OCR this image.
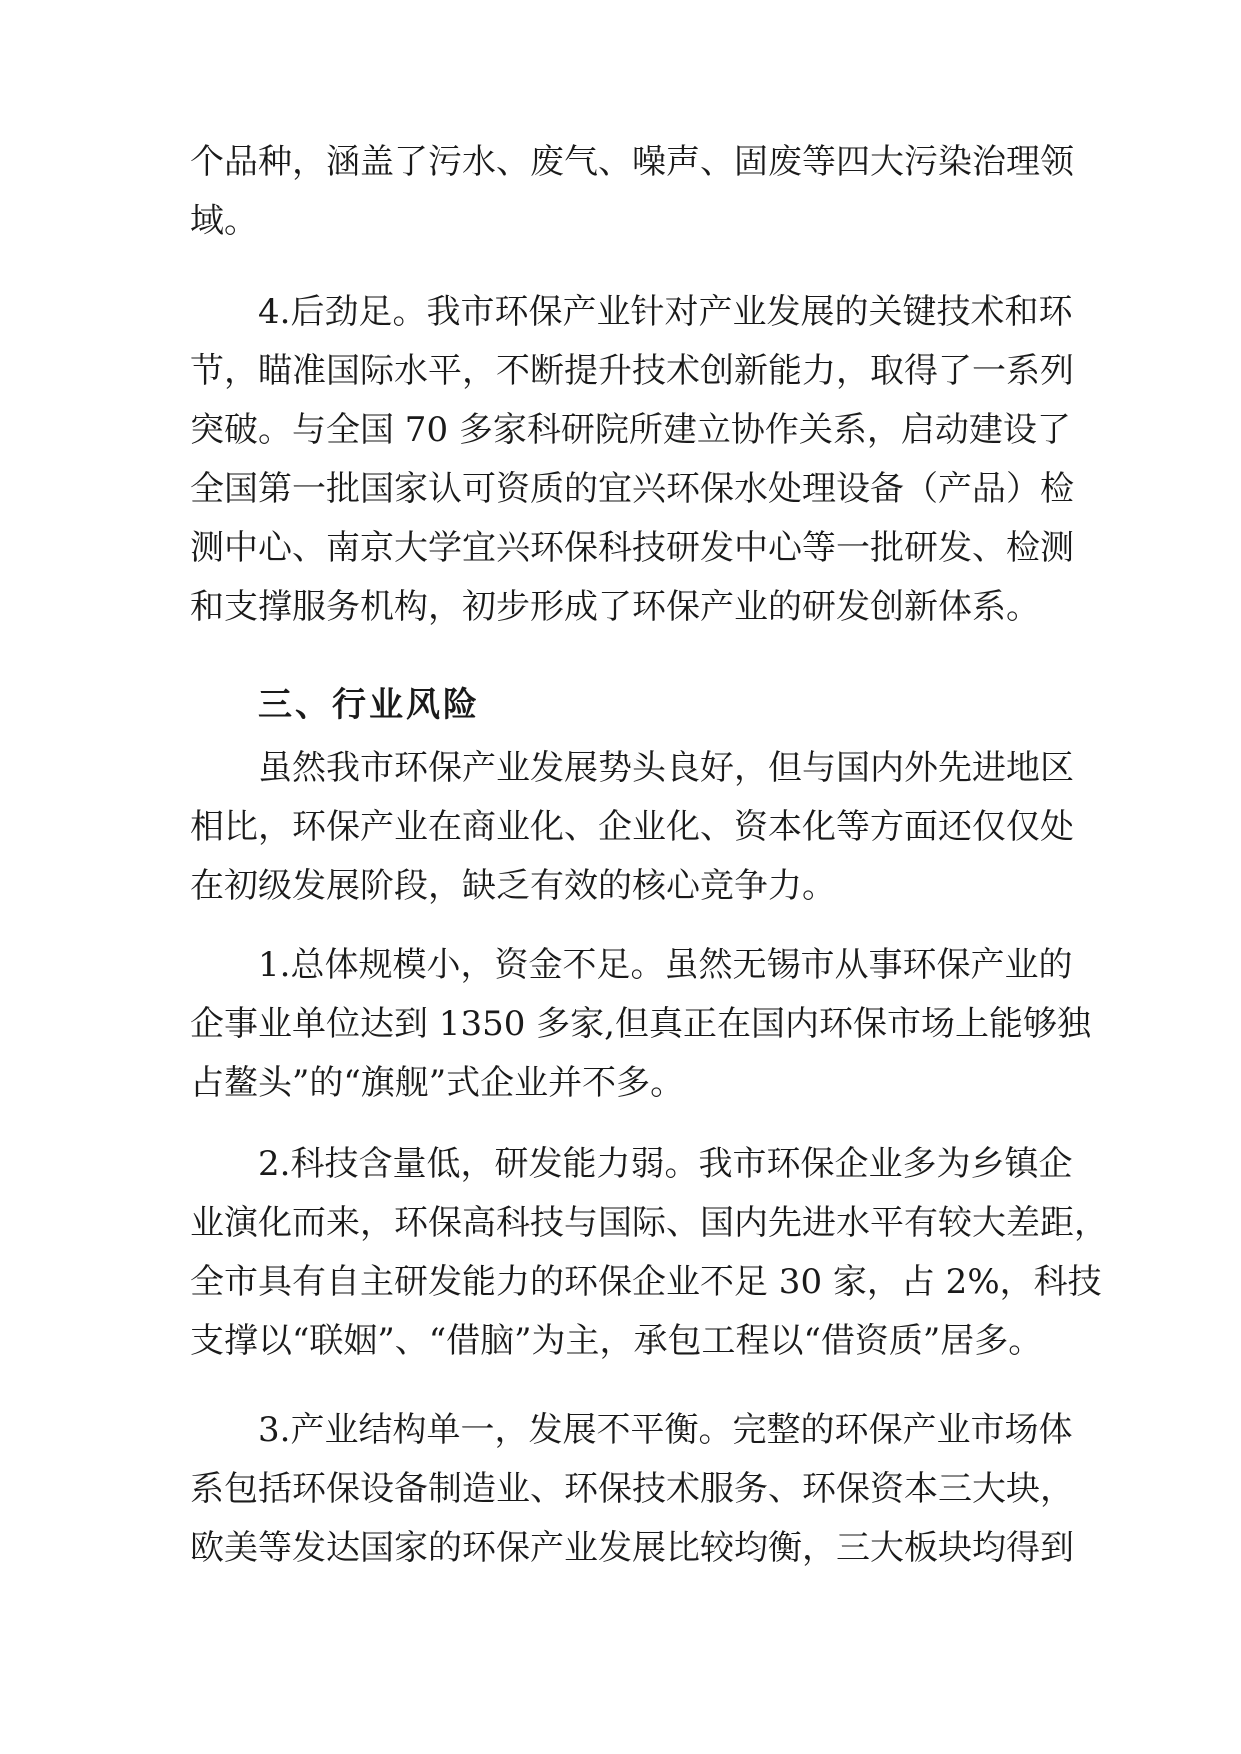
个品种，涵盖了污水、废气、噪声、固废等四大污染治理领
域。
4.后劲足。我市环保产业针对产业发展的关键技术和环
节，瞄准国际水平，不断提升技术创新能力，取得了一系列
突破。与全国 70 多家科研院所建立协作关系，启动建设了
全国第一批国家认可资质的宜兴环保水处理设备（产品）检
测中心、南京大学宜兴环保科技研发中心等一批研发、检测
和支撑服务机构，初步形成了环保产业的研发创新体系。
三、行业风险
虽然我市环保产业发展势头良好，但与国内外先进地区
相比，环保产业在商业化、企业化、资本化等方面还仅仅处
在初级发展阶段，缺乏有效的核心竞争力。
1.总体规模小，资金不足。虽然无锡市从事环保产业的
企事业单位达到 1350 多家,但真正在国内环保市场上能够独
占鳌头”的“旗舰”式企业并不多。
2.科技含量低，研发能力弱。我市环保企业多为乡镇企
业演化而来，环保高科技与国际、国内先进水平有较大差距，
全市具有自主研发能力的环保企业不足 30 家，占 2%，科技
支撑以“联姻”、“借脑”为主，承包工程以“借资质”居多。
3.产业结构单一，发展不平衡。完整的环保产业市场体
系包括环保设备制造业、环保技术服务、环保资本三大块，
欧美等发达国家的环保产业发展比较均衡，三大板块均得到
